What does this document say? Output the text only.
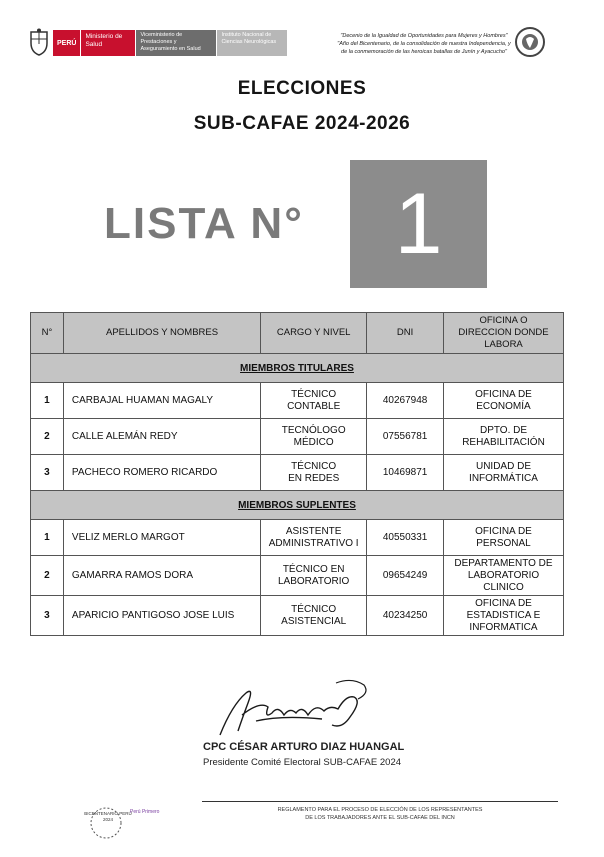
PERÚ
Ministerio de Salud
Viceministerio de Prestaciones y Aseguramiento en Salud
Instituto Nacional de Ciencias Neurológicas
"Decenio de la Igualdad de Oportunidades para Mujeres y Hombres"
"Año del Bicentenario, de la consolidación de nuestra Independencia, y
de la conmemoración de las heroicas batallas de Junín y Ayacucho"
ELECCIONES
SUB-CAFAE 2024-2026
LISTA N°	1
N°	APELLIDOS Y NOMBRES	CARGO Y NIVEL	DNI	OFICINA O DIRECCION DONDE LABORA
MIEMBROS TITULARES				
1	CARBAJAL HUAMAN MAGALY	TÉCNICO CONTABLE	40267948	OFICINA DE ECONOMÍA
2	CALLE ALEMÁN REDY	TECNÓLOGO MÉDICO	07556781	DPTO. DE REHABILITACIÓN
3	PACHECO ROMERO RICARDO	TÉCNICO EN REDES	10469871	UNIDAD DE INFORMÁTICA
MIEMBROS SUPLENTES				
1	VELIZ MERLO MARGOT	ASISTENTE ADMINISTRATIVO I	40550331	OFICINA DE PERSONAL
2	GAMARRA RAMOS DORA	TÉCNICO EN LABORATORIO	09654249	DEPARTAMENTO DE LABORATORIO CLINICO
3	APARICIO PANTIGOSO JOSE LUIS	TÉCNICO ASISTENCIAL	40234250	OFICINA DE ESTADISTICA E INFORMATICA
CPC CÉSAR ARTURO DIAZ HUANGAL
Presidente Comité Electoral SUB-CAFAE 2024
BICENTENARIO PERÚ 2024
Perú Primero	REGLAMENTO PARA EL PROCESO DE ELECCIÓN DE LOS REPRESENTANTES
DE LOS TRABAJADORES ANTE EL SUB-CAFAE DEL INCN
